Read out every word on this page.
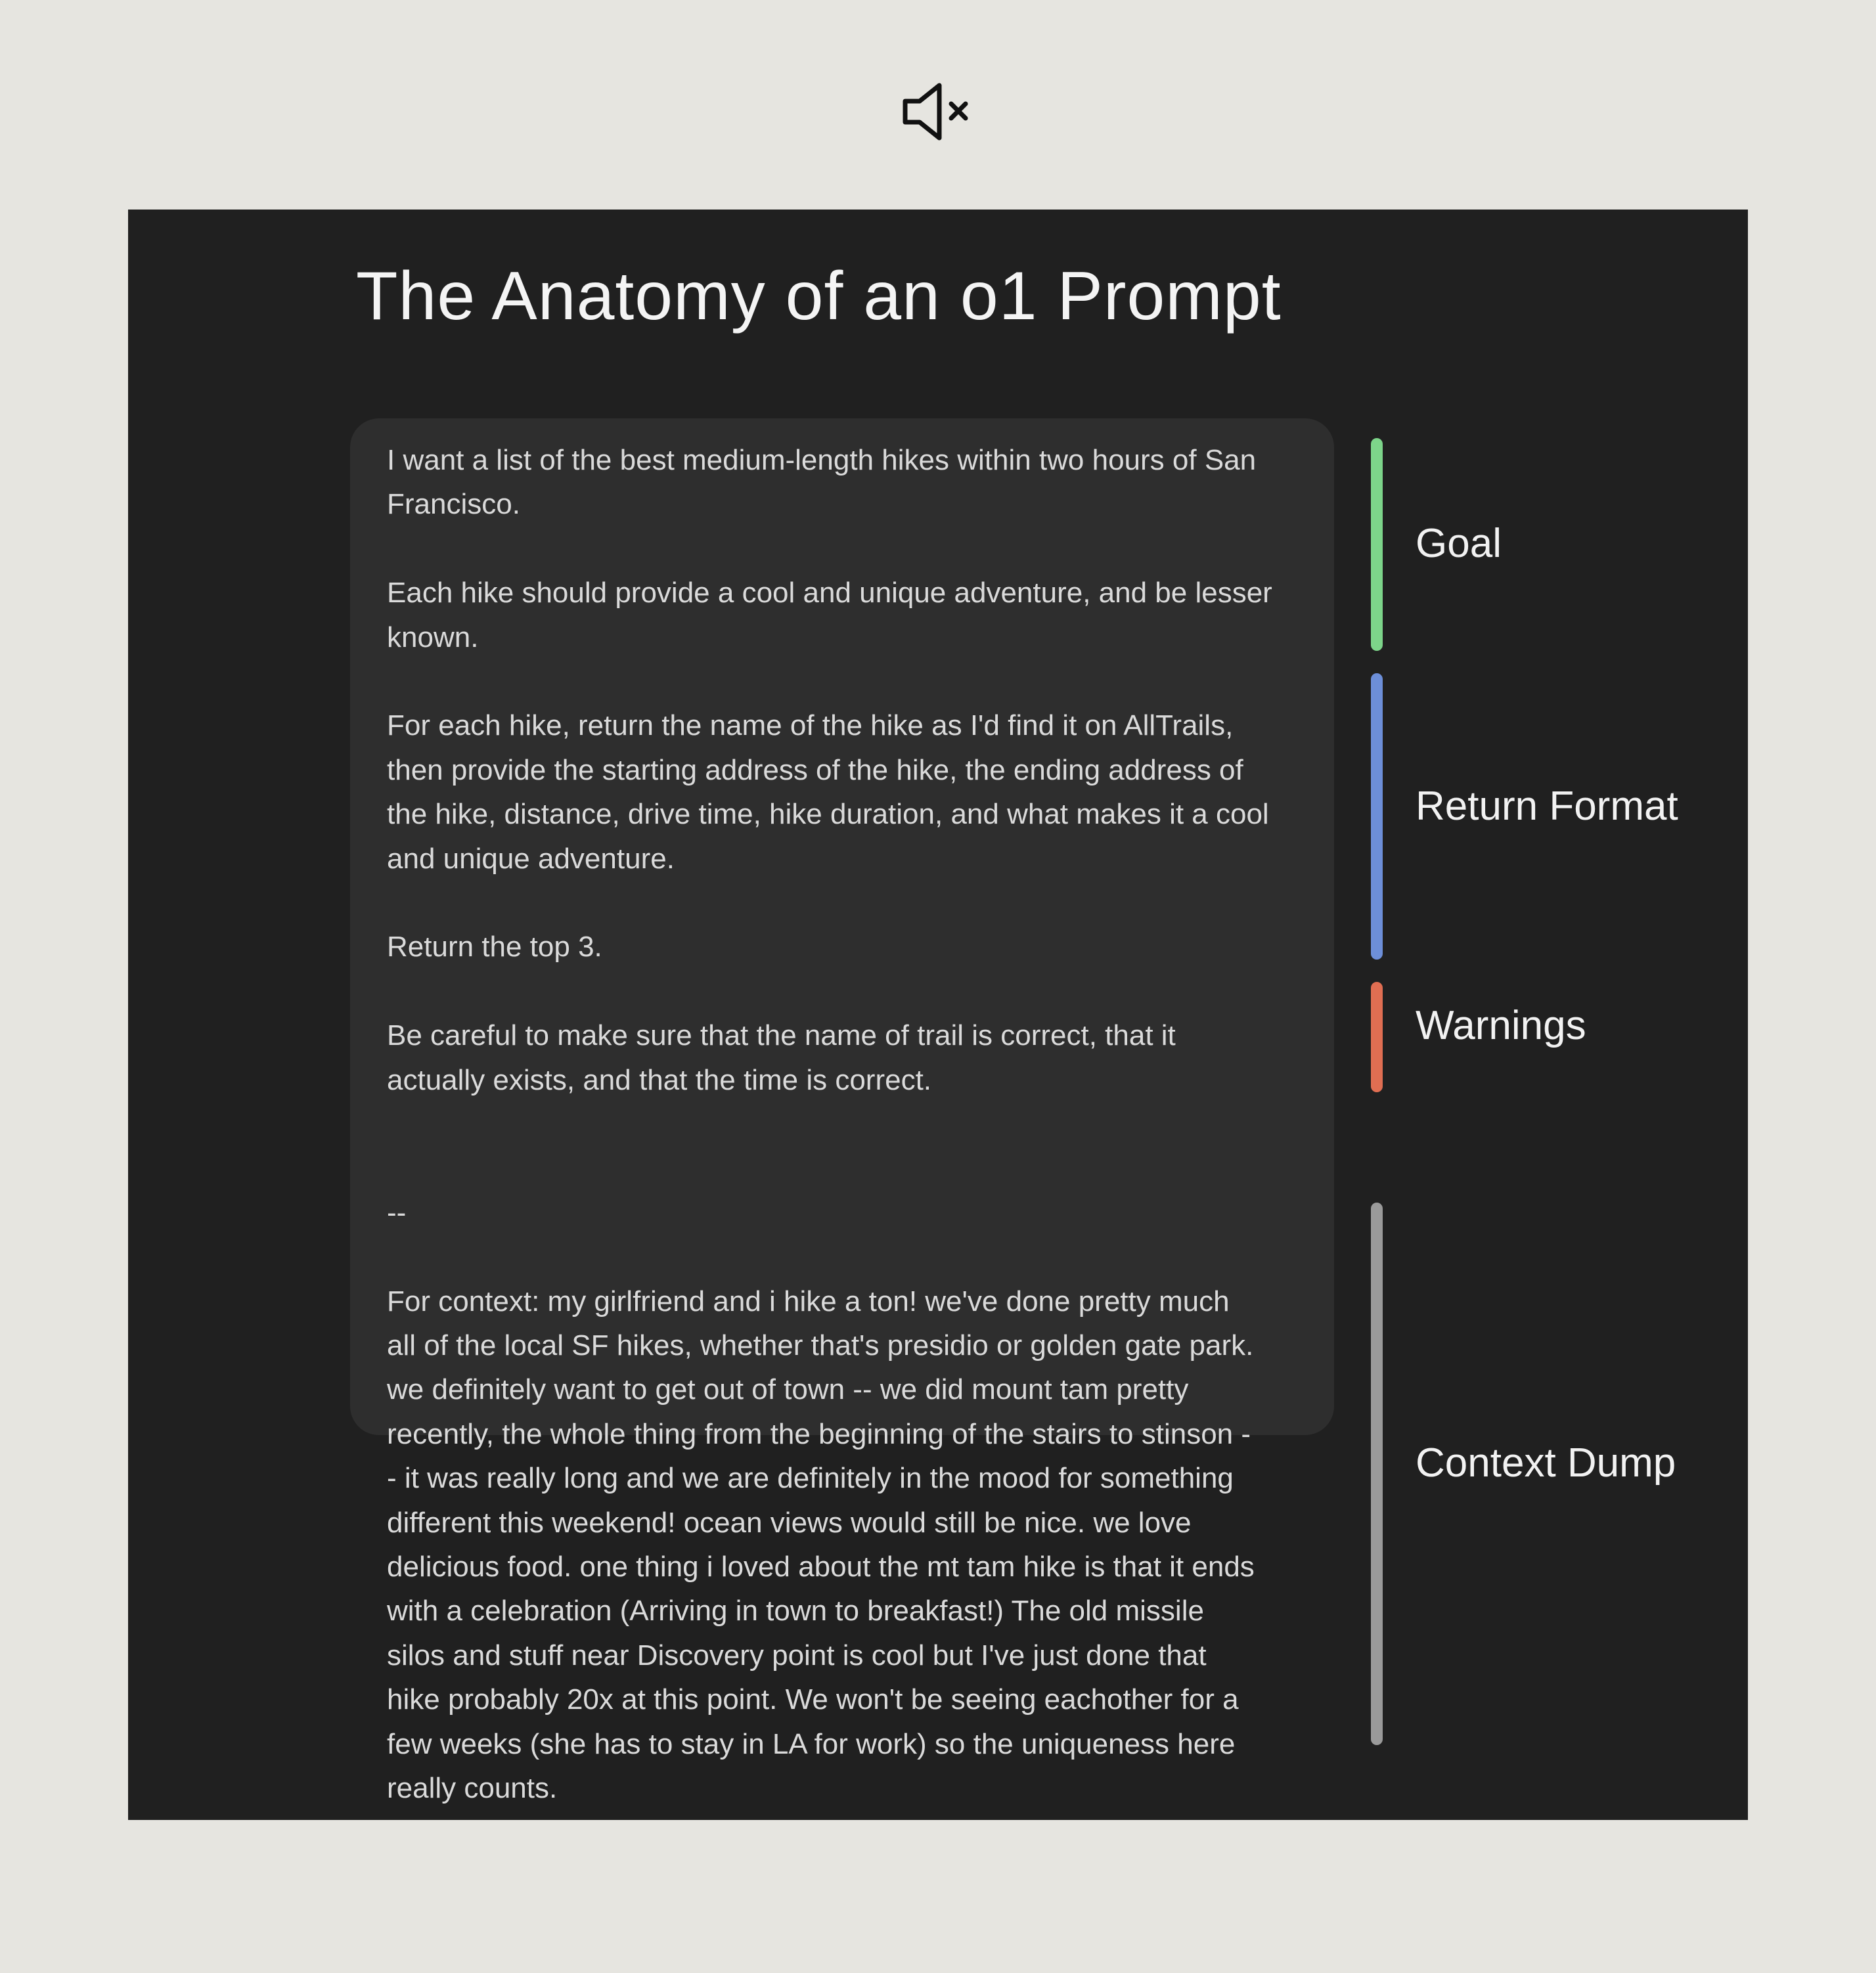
The Anatomy of an o1 Prompt

I want a list of the best medium-length hikes within two hours of San
Francisco.

Each hike should provide a cool and unique adventure, and be lesser
known.

For each hike, return the name of the hike as I'd find it on AllTrails,
then provide the starting address of the hike, the ending address of
the hike, distance, drive time, hike duration, and what makes it a cool
and unique adventure.

Return the top 3.

Be careful to make sure that the name of trail is correct, that it
actually exists, and that the time is correct.

--

For context: my girlfriend and i hike a ton! we've done pretty much
all of the local SF hikes, whether that's presidio or golden gate park.
we definitely want to get out of town -- we did mount tam pretty
recently, the whole thing from the beginning of the stairs to stinson -
- it was really long and we are definitely in the mood for something
different this weekend! ocean views would still be nice. we love
delicious food. one thing i loved about the mt tam hike is that it ends
with a celebration (Arriving in town to breakfast!) The old missile
silos and stuff near Discovery point is cool but I've just done that
hike probably 20x at this point. We won't be seeing eachother for a
few weeks (she has to stay in LA for work) so the uniqueness here
really counts.

Goal
Return Format
Warnings
Context Dump
